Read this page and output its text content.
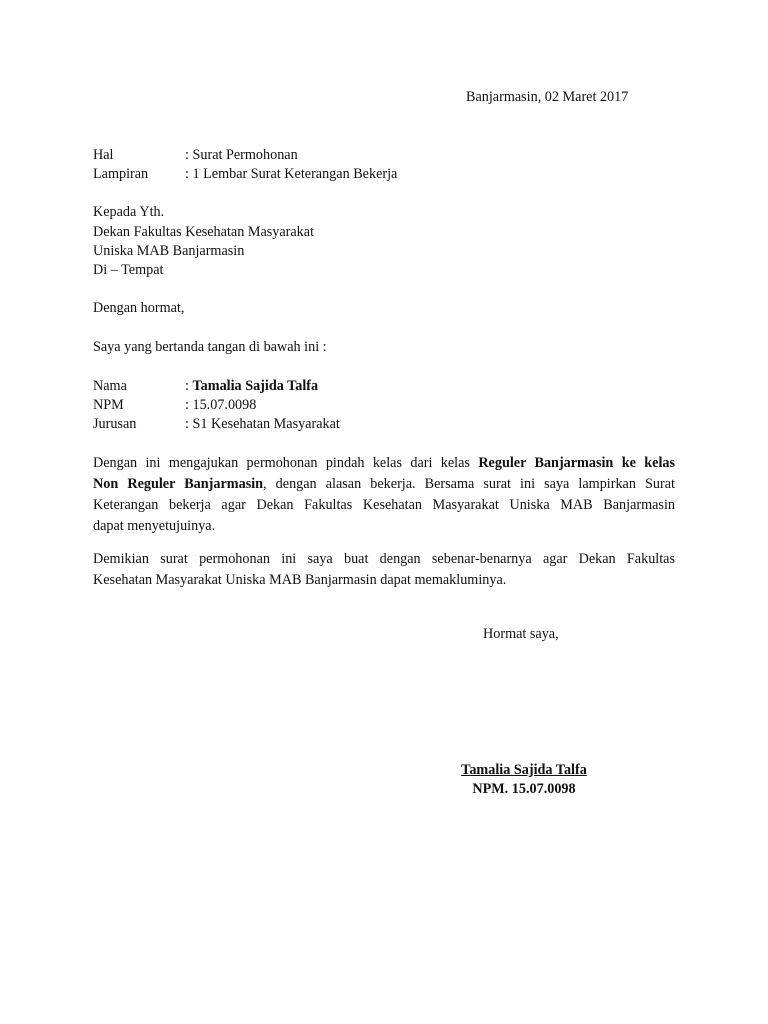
Banjarmasin, 02 Maret 2017
Hal	: Surat Permohonan
Lampiran	: 1 Lembar Surat Keterangan Bekerja
Kepada Yth.
Dekan Fakultas Kesehatan Masyarakat
Uniska MAB Banjarmasin
Di – Tempat
Dengan hormat,
Saya yang bertanda tangan di bawah ini :
Nama	: Tamalia Sajida Talfa
NPM	: 15.07.0098
Jurusan	: S1 Kesehatan Masyarakat
Dengan ini mengajukan permohonan pindah kelas dari kelas Reguler Banjarmasin ke kelas
Non Reguler Banjarmasin, dengan alasan bekerja. Bersama surat ini saya lampirkan Surat
Keterangan bekerja agar Dekan Fakultas Kesehatan Masyarakat Uniska MAB Banjarmasin
dapat menyetujuinya.
Demikian surat permohonan ini saya buat dengan sebenar-benarnya agar Dekan Fakultas
Kesehatan Masyarakat Uniska MAB Banjarmasin dapat memakluminya.
Hormat saya,
Tamalia Sajida Talfa
NPM. 15.07.0098
